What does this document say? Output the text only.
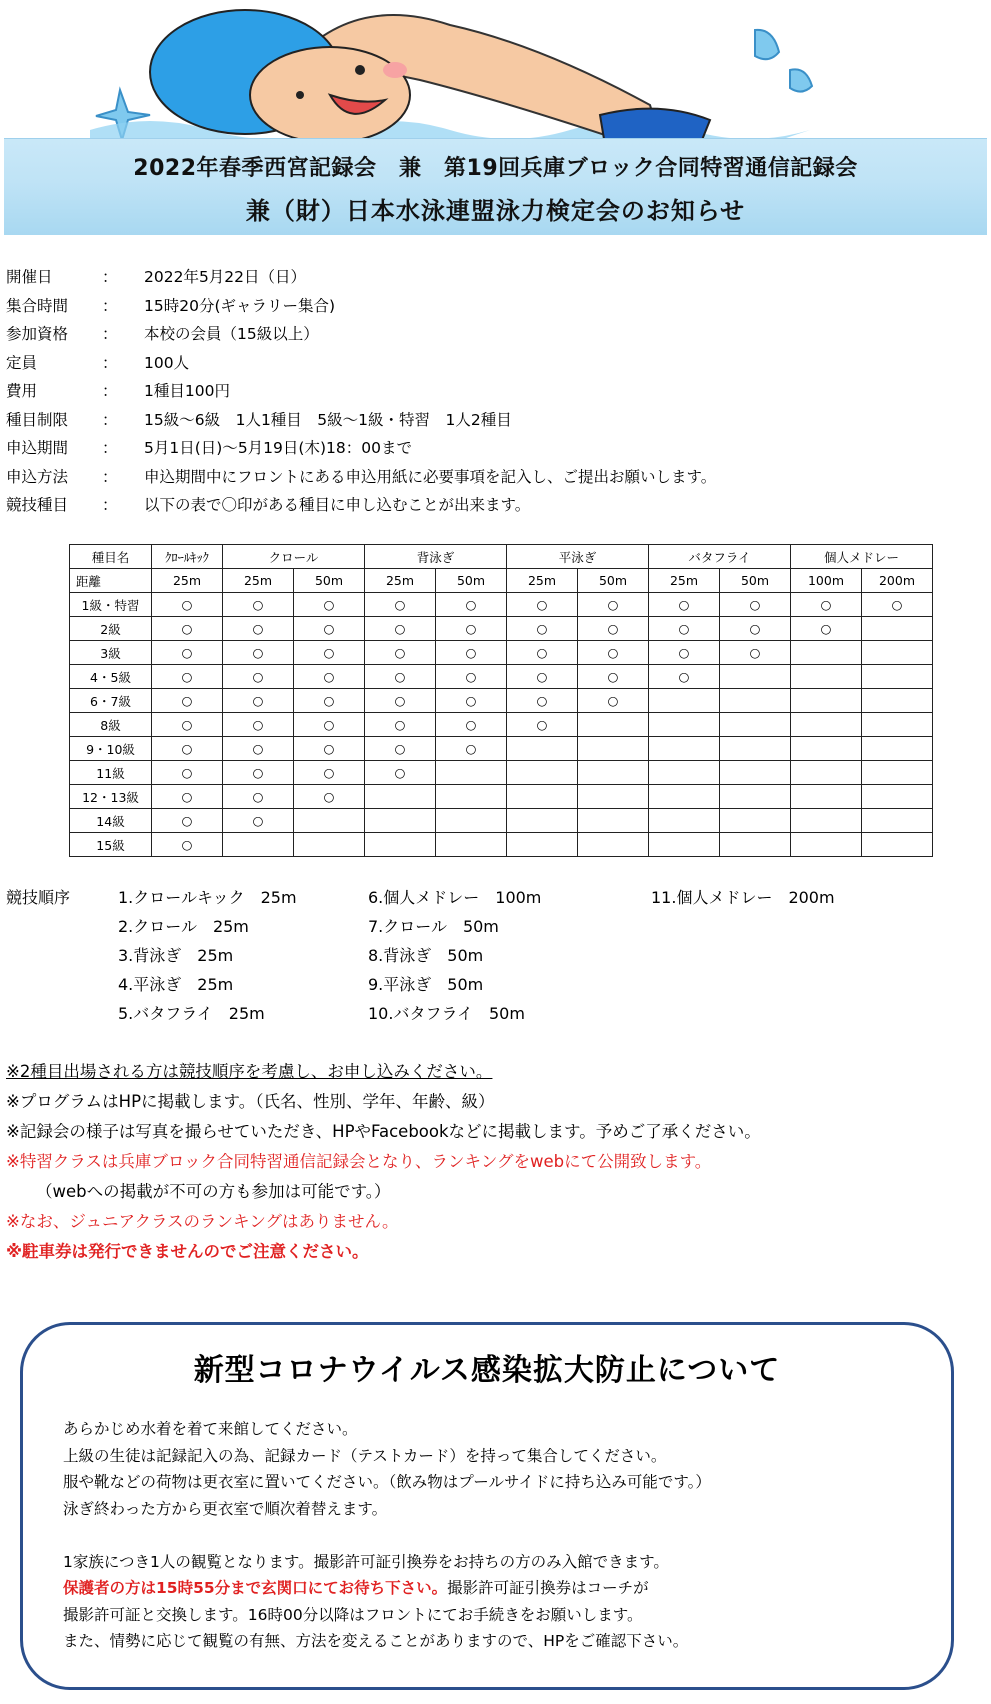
2022年春季西宮記録会　兼　第19回兵庫ブロック合同特習通信記録会
兼（財）日本水泳連盟泳力検定会のお知らせ
開催日	：	2022年5月22日（日）
集合時間	：	15時20分(ギャラリー集合)
参加資格	：	本校の会員（15級以上）
定員	：	100人
費用	：	1種目100円
種目制限	：	15級～6級　1人1種目　5級～1級・特習　1人2種目
申込期間	：	5月1日(日)～5月19日(木)18：00まで
申込方法	：	申込期間中にフロントにある申込用紙に必要事項を記入し、ご提出お願いします。
競技種目	：	以下の表で〇印がある種目に申し込むことが出来ます。
種目名	ｸﾛｰﾙｷｯｸ	クロール		背泳ぎ		平泳ぎ		バタフライ		個人メドレー	
距離	25m	25m	50m	25m	50m	25m	50m	25m	50m	100m	200m
1級・特習	○	○	○	○	○	○	○	○	○	○	○
2級	○	○	○	○	○	○	○	○	○	○	
3級	○	○	○	○	○	○	○	○	○		
4・5級	○	○	○	○	○	○	○	○			
6・7級	○	○	○	○	○	○	○				
8級	○	○	○	○	○	○					
9・10級	○	○	○	○	○						
11級	○	○	○	○							
12・13級	○	○	○								
14級	○	○									
15級	○										
競技順序	1.クロールキック　25m
2.クロール　25m
3.背泳ぎ　25m
4.平泳ぎ　25m
5.バタフライ　25m
6.個人メドレー　100m
7.クロール　50m
8.背泳ぎ　50m
9.平泳ぎ　50m
10.バタフライ　50m
11.個人メドレー　200m
※2種目出場される方は競技順序を考慮し、お申し込みください。
※プログラムはHPに掲載します。（氏名、性別、学年、年齢、級）
※記録会の様子は写真を撮らせていただき、HPやFacebookなどに掲載します。予めご了承ください。
※特習クラスは兵庫ブロック合同特習通信記録会となり、ランキングをwebにて公開致します。
（webへの掲載が不可の方も参加は可能です。）
※なお、ジュニアクラスのランキングはありません。
※駐車券は発行できませんのでご注意ください。
新型コロナウイルス感染拡大防止について
あらかじめ水着を着て来館してください。
上級の生徒は記録記入の為、記録カード（テストカード）を持って集合してください。
服や靴などの荷物は更衣室に置いてください。（飲み物はプールサイドに持ち込み可能です。）
泳ぎ終わった方から更衣室で順次着替えます。
1家族につき1人の観覧となります。撮影許可証引換券をお持ちの方のみ入館できます。
保護者の方は15時55分まで玄関口にてお待ち下さい。撮影許可証引換券はコーチが
撮影許可証と交換します。16時00分以降はフロントにてお手続きをお願いします。
また、情勢に応じて観覧の有無、方法を変えることがありますので、HPをご確認下さい。
